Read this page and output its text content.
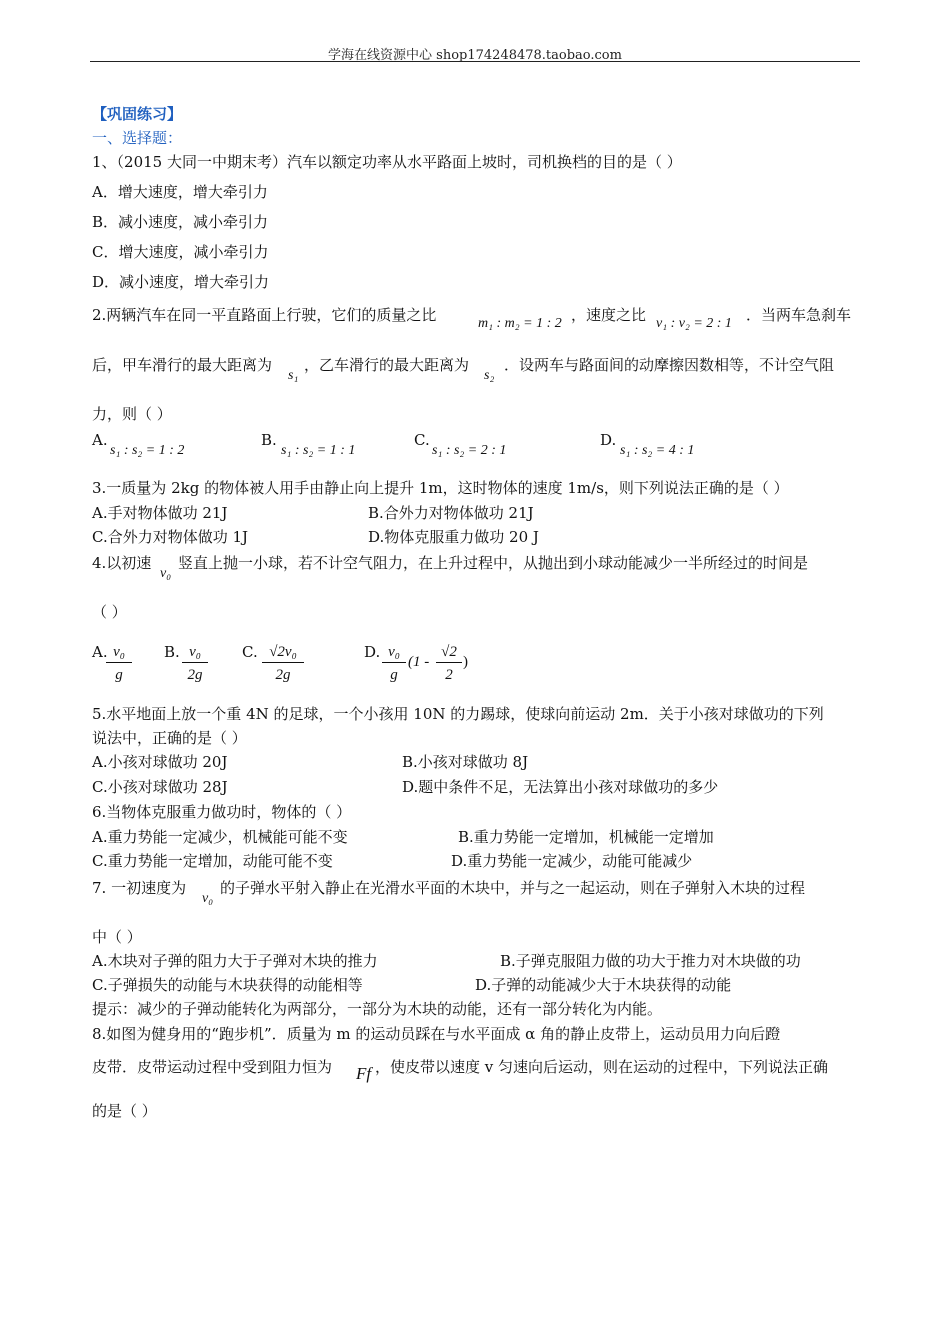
学海在线资源中心 shop174248478.taobao.com
【巩固练习】
一、选择题：
1、（2015 大同一中期末考）汽车以额定功率从水平路面上坡时，司机换档的目的是（ ）
A．增大速度，增大牵引力
B．减小速度，减小牵引力
C．增大速度，减小牵引力
D．减小速度，增大牵引力
2.两辆汽车在同一平直路面上行驶，它们的质量之比	m₁ : m₂ = 1 : 2 ，速度之比 v₁ : v₂ = 2 : 1 ．当两车急刹车
后，甲车滑行的最大距离为
s₁
，乙车滑行的最大距离为
s₂
．设两车与路面间的动摩擦因数相等，不计空气阻
力，则（ ）
A.
s₁ : s₂ = 1 : 2
B.
s₁ : s₂ = 1 : 1
C.
s₁ : s₂ = 2 : 1
D.
s₁ : s₂ = 4 : 1
3.一质量为 2kg 的物体被人用手由静止向上提升 1m，这时物体的速度 1m/s，则下列说法正确的是（ ）
A.手对物体做功 21J	B.合外力对物体做功 21J
C.合外力对物体做功 1J	D.物体克服重力做功 20 J
4.以初速
v₀
竖直上抛一小球，若不计空气阻力，在上升过程中，从抛出到小球动能减少一半所经过的时间是
（ ）
A.
$\frac{\text{v₀}}{g} B$. $\frac{\text{v₀}}{2g} C$. $\frac{\text{√2v₀}}{2g}$	D. $\frac{\text{v₀}}{g} (1 - \frac{√2}{2}$ )
5.水平地面上放一个重 4N 的足球，一个小孩用 10N 的力踢球，使球向前运动 2m．关于小孩对球做功的下列
说法中，正确的是（ ）
A.小孩对球做功 20J	B.小孩对球做功 8J
C.小孩对球做功 28J	D.题中条件不足，无法算出小孩对球做功的多少
6.当物体克服重力做功时，物体的（ ）
A.重力势能一定减少，机械能可能不变	B.重力势能一定增加，机械能一定增加
C.重力势能一定增加，动能可能不变	D.重力势能一定减少，动能可能减少
7. 一初速度为
v₀
的子弹水平射入静止在光滑水平面的木块中，并与之一起运动，则在子弹射入木块的过程
中（ ）
A.木块对子弹的阻力大于子弹对木块的推力	B.子弹克服阻力做的功大于推力对木块做的功
C.子弹损失的动能与木块获得的动能相等	D.子弹的动能减少大于木块获得的动能
提示：减少的子弹动能转化为两部分，一部分为木块的动能，还有一部分转化为内能。
8.如图为健身用的“跑步机”．质量为 m 的运动员踩在与水平面成 α 角的静止皮带上，运动员用力向后蹬
皮带．皮带运动过程中受到阻力恒为 Ff ，使皮带以速度 v 匀速向后运动，则在运动的过程中，下列说法正确
的是（ ）
